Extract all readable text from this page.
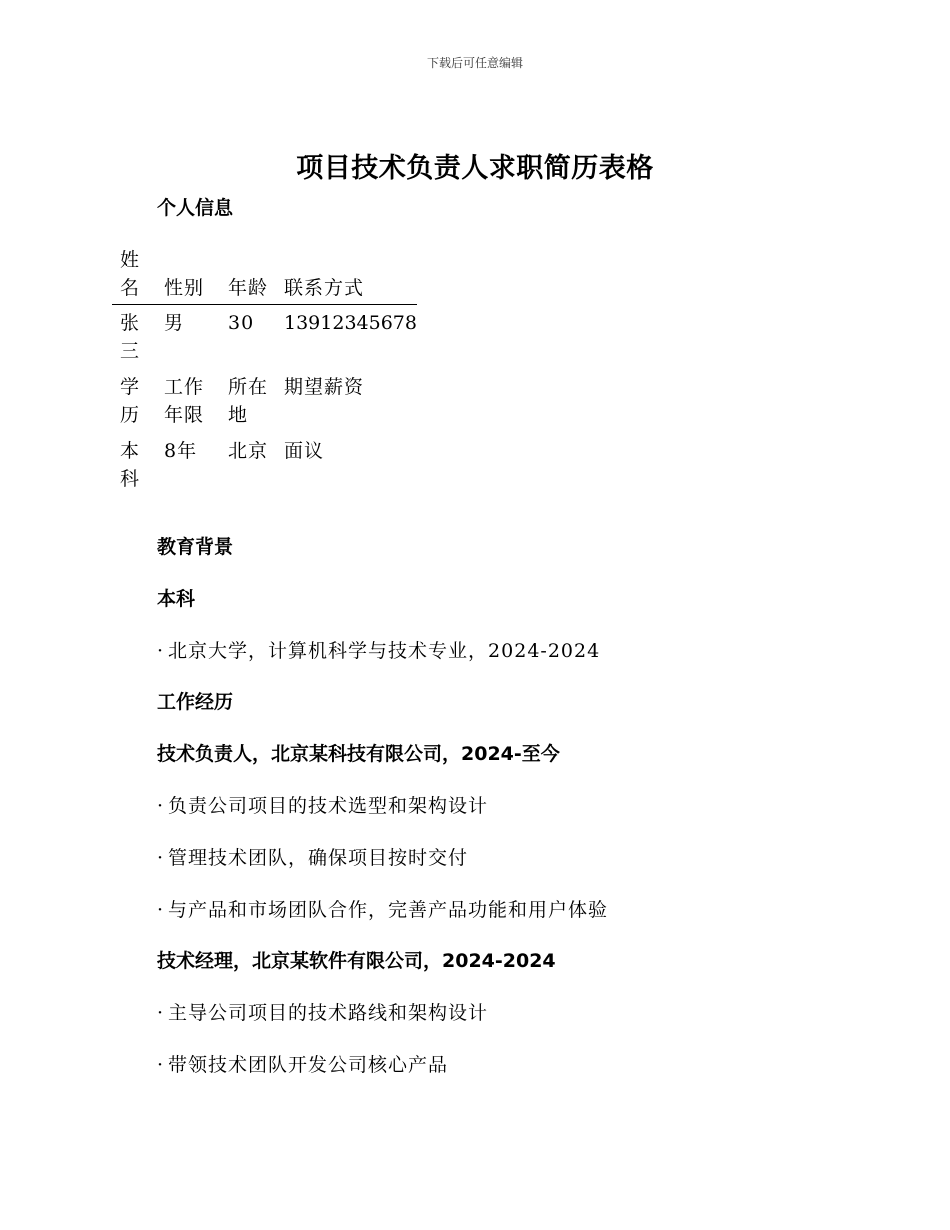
下载后可任意编辑
项目技术负责人求职简历表格
个人信息
姓名	性别	年龄	联系方式
张三	男	30	13912345678
学历	工作年限	所在地	期望薪资
本科	8年	北京	面议
教育背景
本科
· 北京大学，计算机科学与技术专业，2024-2024
工作经历
技术负责人，北京某科技有限公司，2024-至今
· 负责公司项目的技术选型和架构设计
· 管理技术团队，确保项目按时交付
· 与产品和市场团队合作，完善产品功能和用户体验
技术经理，北京某软件有限公司，2024-2024
· 主导公司项目的技术路线和架构设计
· 带领技术团队开发公司核心产品
